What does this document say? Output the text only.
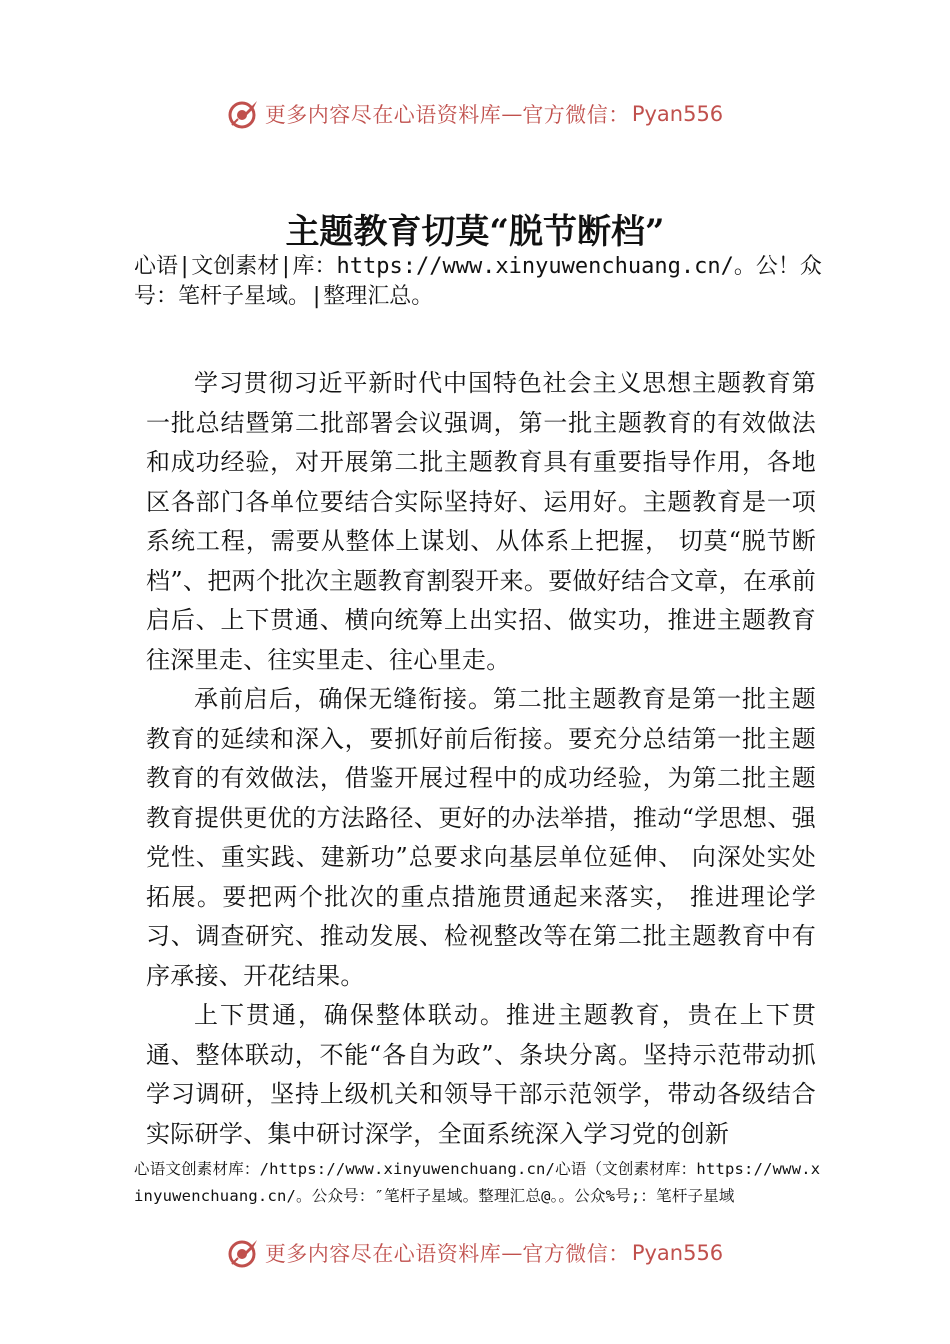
更多内容尽在心语资料库 — 官方微信： Pyan556
主题教育切莫“脱节断档”
心语|文创素材|库：https://www.xinyuwenchuang.cn/。公！众号：笔杆子星域。|整理汇总。

学习贯彻习近平新时代中国特色社会主义思想主题教育第一批总结暨第二批部署会议强调，第一批主题教育的有效做法和成功经验，对开展第二批主题教育具有重要指导作用，各地区各部门各单位要结合实际坚持好、运用好。主题教育是一项系统工程，需要从整体上谋划、从体系上把握， 切莫“脱节断档”、把两个批次主题教育割裂开来。要做好结合文章，在承前启后、上下贯通、横向统筹上出实招、做实功，推进主题教育往深里走、往实里走、往心里走。

承前启后，确保无缝衔接。第二批主题教育是第一批主题教育的延续和深入，要抓好前后衔接。要充分总结第一批主题教育的有效做法，借鉴开展过程中的成功经验，为第二批主题教育提供更优的方法路径、更好的办法举措，推动“学思想、强党性、重实践、建新功”总要求向基层单位延伸、 向深处实处拓展。要把两个批次的重点措施贯通起来落实， 推进理论学习、调查研究、推动发展、检视整改等在第二批主题教育中有序承接、开花结果。

上下贯通，确保整体联动。推进主题教育，贵在上下贯通、整体联动，不能“各自为政”、条块分离。坚持示范带动抓学习调研，坚持上级机关和领导干部示范领学，带动各级结合实际研学、集中研讨深学，全面系统深入学习党的创新

心语文创素材库：/https://www.xinyuwenchuang.cn/心语（文创素材库：https://www.xinyuwenchuang.cn/。公众号：″笔杆子星域。整理汇总@。。公众%号;：笔杆子星域
更多内容尽在心语资料库 — 官方微信： Pyan556
